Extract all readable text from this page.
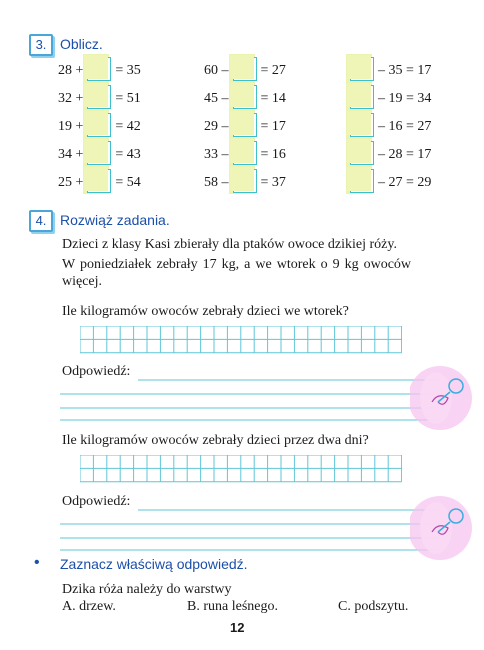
3. Oblicz.
28 + = 35
32 + = 51
19 + = 42
34 + = 43
25 + = 54
60 – = 27
45 – = 14
29 – = 17
33 – = 16
58 – = 37
– 35 = 17
– 19 = 34
– 16 = 27
– 28 = 17
– 27 = 29
4. Rozwiąż zadania.
Dzieci z klasy Kasi zbierały dla ptaków owoce dzikiej róży.
W poniedziałek zebrały 17 kg, a we wtorek o 9 kg owoców
więcej.
Ile kilogramów owoców zebrały dzieci we wtorek?
Odpowiedź:
Ile kilogramów owoców zebrały dzieci przez dwa dni?
Odpowiedź:
• Zaznacz właściwą odpowiedź.
Dzika róża należy do warstwy
A. drzew.	B. runa leśnego.	C. podszytu.
12
